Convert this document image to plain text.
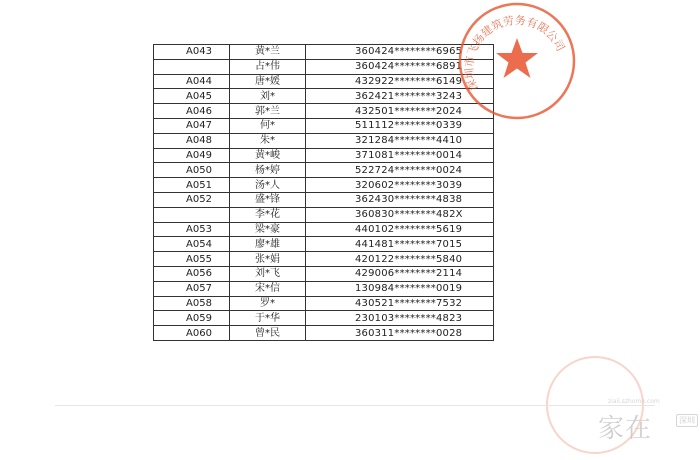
A043	黄*兰	360424********6965
	占*伟	360424********6891
A044	唐*媛	432922********6149
A045	刘*	362421********3243
A046	郭*兰	432501********2024
A047	何*	511112********0339
A048	朱*	321284********4410
A049	黄*峻	371081********0014
A050	杨*婷	522724********0024
A051	汤*人	320602********3039
A052	盛*锋	362430********4838
	李*花	360830********482X
A053	梁*豪	440102********5619
A054	廖*雄	441481********7015
A055	张*娟	420122********5840
A056	刘*飞	429006********2114
A057	宋*信	130984********0019
A058	罗*	430521********7532
A059	于*华	230103********4823
A060	曾*民	360311********0028
深圳市飞扬建筑劳务有限公司
ziaii.szhome.com
家在	深圳
